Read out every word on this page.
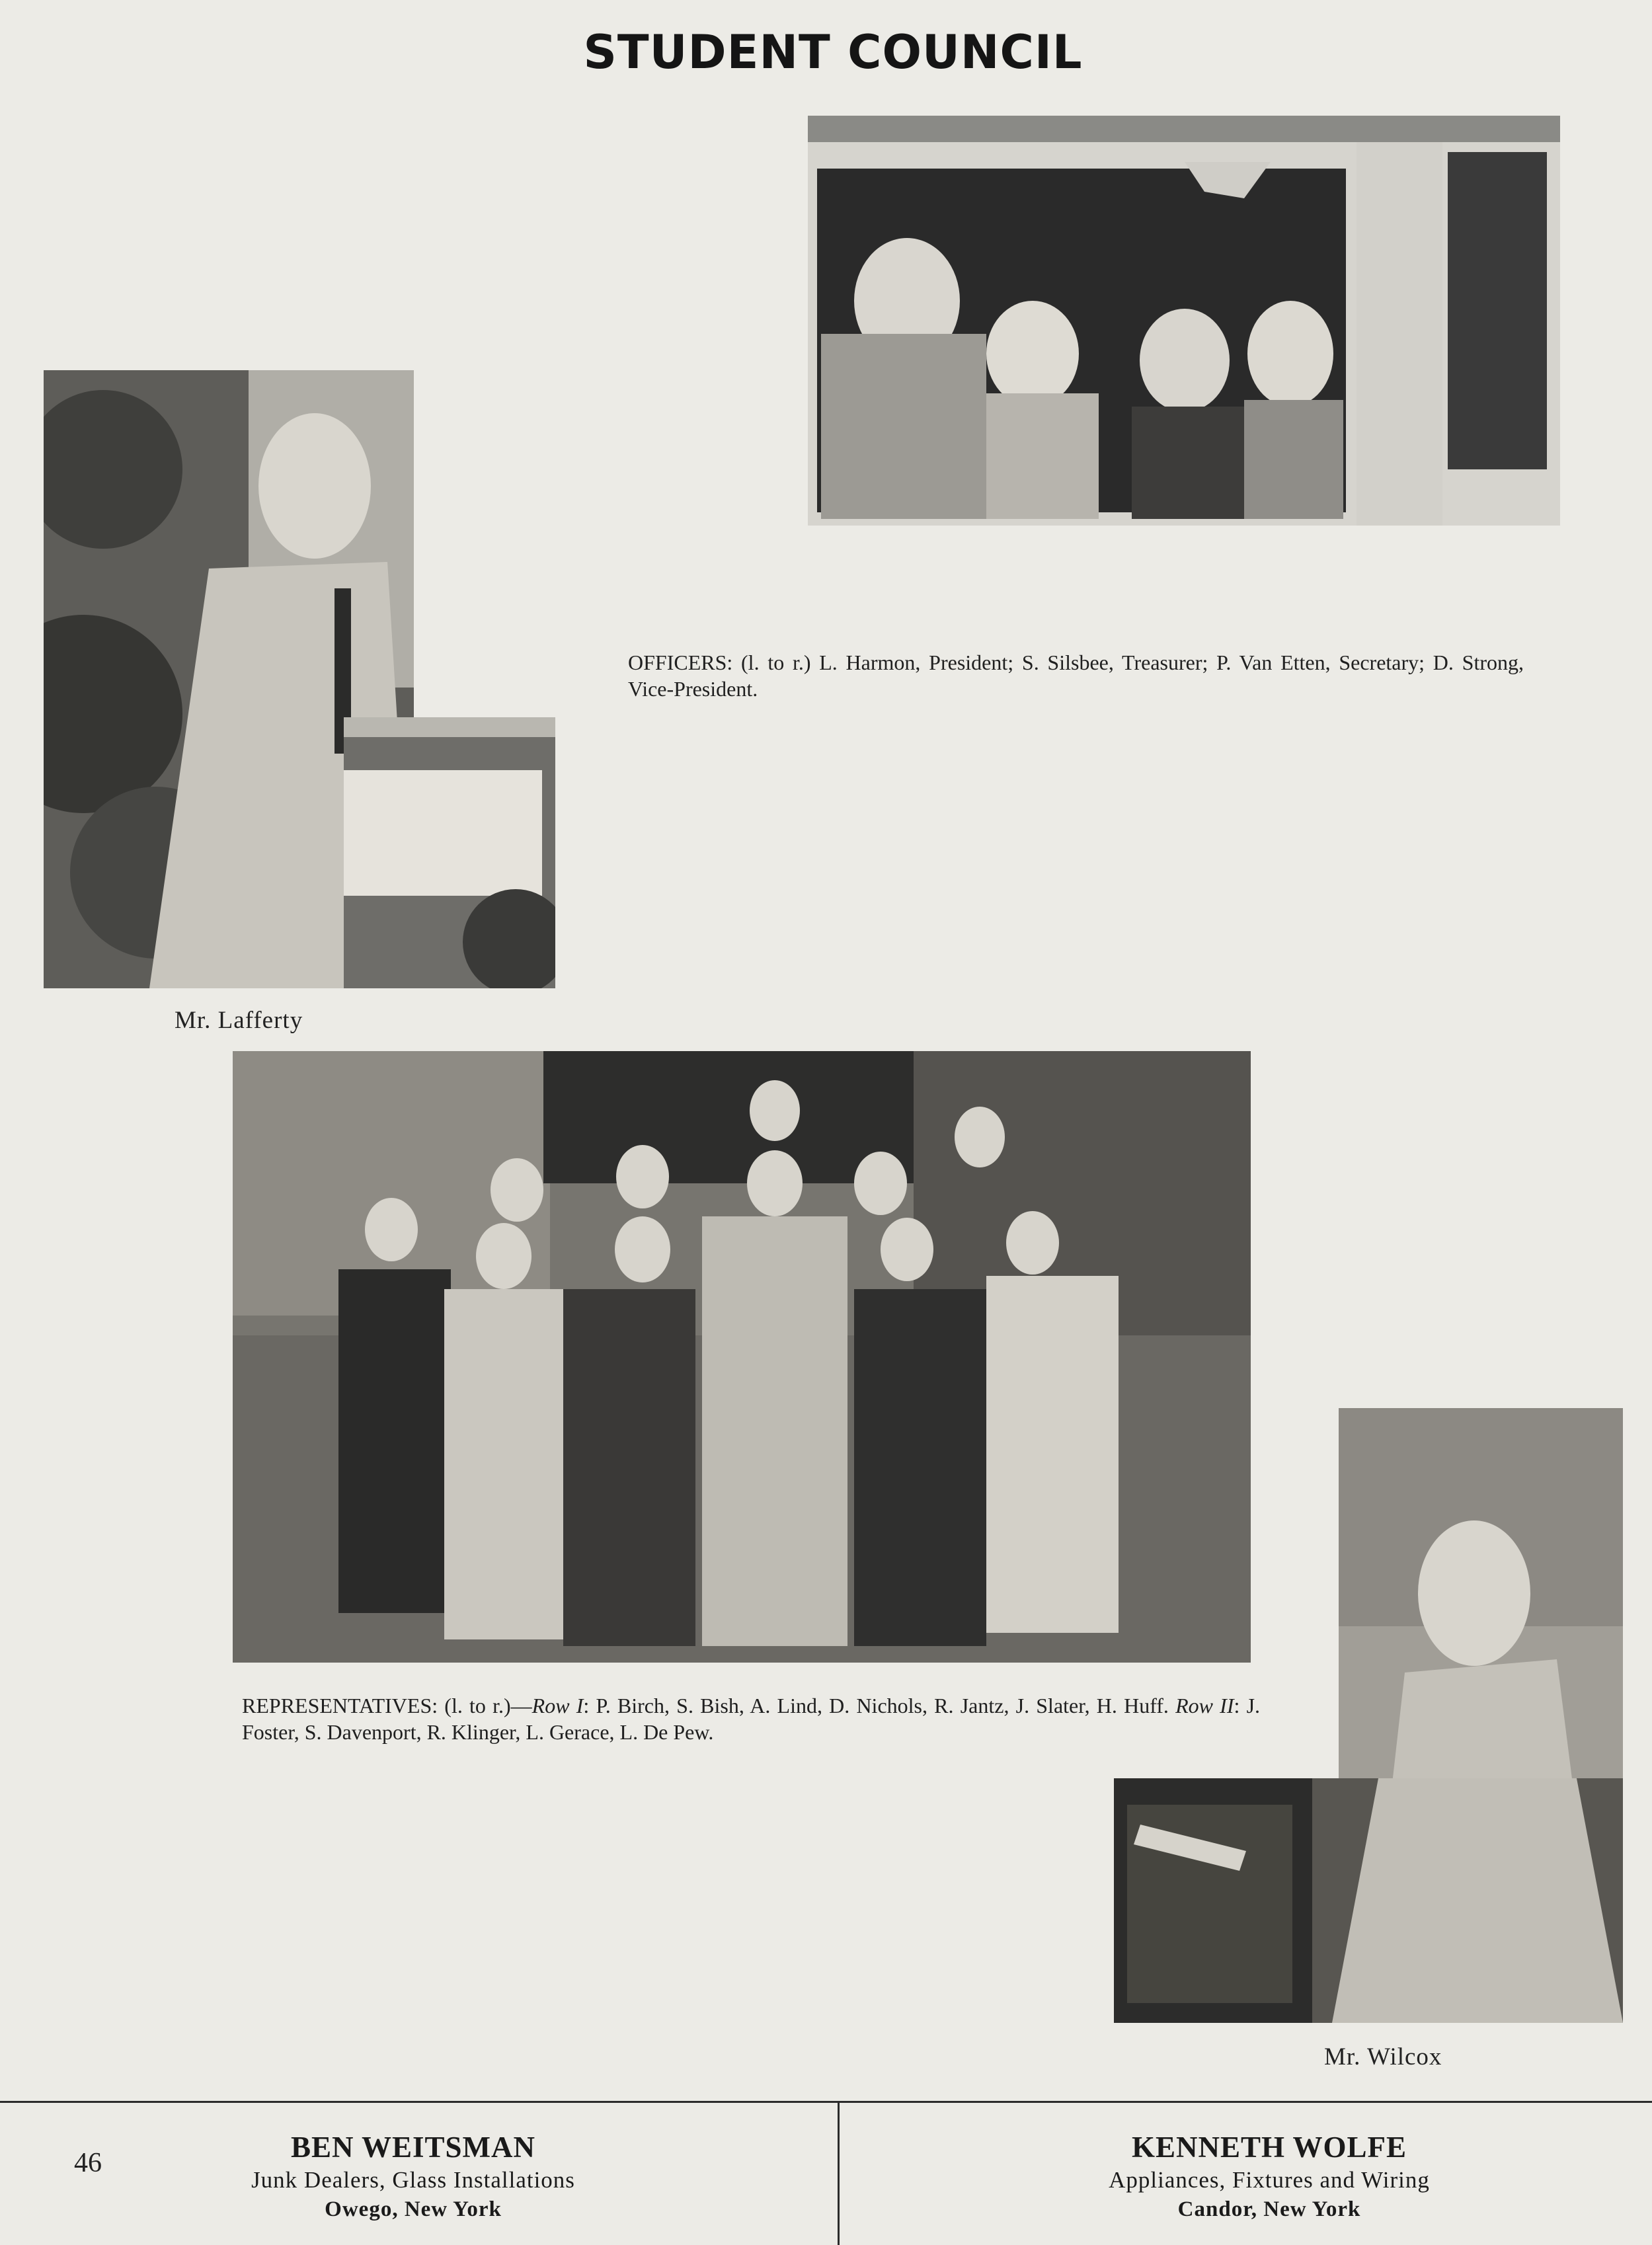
STUDENT COUNCIL
OFFICERS: (l. to r.) L. Harmon, President; S. Silsbee, Treasurer; P. Van Etten, Secretary; D. Strong, Vice-President.
Mr. Lafferty
REPRESENTATIVES: (l. to r.)—Row I: P. Birch, S. Bish, A. Lind, D. Nichols, R. Jantz, J. Slater, H. Huff. Row II: J. Foster, S. Davenport, R. Klinger, L. Gerace, L. De Pew.
Mr. Wilcox
46	BEN WEITSMAN
Junk Dealers, Glass Installations
Owego, New York
KENNETH WOLFE
Appliances, Fixtures and Wiring
Candor, New York
